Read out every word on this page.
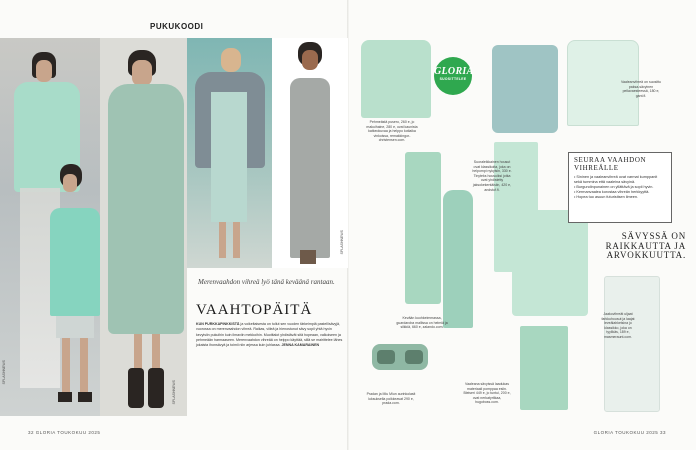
PUKUKOODI
SPLASHNEWS
SPLASHNEWS
SPLASHNEWS
Merenvaahdon vihreä lyö tänä keväänä rantaan.
VAAHTOPÄITÄ
KUN PURKKAPINKKISTÄ ja voikeltaisesta on tullut sen vuoden tärkeimpiä pastellisävyjä, vuorossa on merenvaahdon vihreä. Raikas, viileä ja hienostunut sävy sopii yhtä hyvin kevyisiin pukuihin kuin ilmaviin mekkoihin. Muotitalot yhdistävät sitä hopeaan, valkoiseen ja pehmeään harmaaseen. Merenvaahdon vihreää on helppo käyttää, sillä se mairittelee lähes jokaista ihonsävyä ja toimii niin arjessa kuin juhlassa. JENNA KAMARAINEN
32 GLORIA TOUKOKUU 2025	GLORIA TOUKOKUU 2025 33
GLORIA
SUOSITTELEE
Pehmeästä pusero, 260 e, jo makuihaine, 280 e, ovat kaunista katkeokuvaa ja helppo kotiaika vinkoissa, remakkingor-christensen.com.
Suoraleikkainen housut ovat klassikoita, joka on helpompi nykyisin, 330 e. Tinyteks housuiksi jotka ovat yhdistetty jaksokekentäisiin, 420 e, andstuf.fi.
Vaaleanvihreä on suosittu paksa-sävyinen pellavaesteessä, 180 e, gant.fi.
Kevään kuohkeimmassa, guardaroba mallissa on helmiä ja silkkiä, 660 e, zalando.com.
Pradan ja Miu Miun aurinkolasit luksuksella poikkeavat 290 e, prada.com.
Vaaleana sävyissä laadukas materiaali pomppaa esiin. Bleiseri 449 e, jo tuntui, 200 e, ovat nerkatyrtikaa, hugoboss.com.
Jaakovihreät uljaat farkkuhousut ja laajat leveälahkeisina jo klassikko, joka on tyylikäs, 189 e, masmeraunt.com.
SEURAA VAAHDON VIHREÄLLE
• Sininen ja vaaleanvihreä ovat varmat kumppanit sekä tummina että vaaleina sävyinä.
• Burgundinpunainen on yllättävä ja sopii hyvin.
• Kermanvaalea korostaa vihreän herkkyyttä.
• Hopea tuo asuun futuristisen ilmeen.
SÄVYSSÄ ON RAIKKAUTTA JA ARVOKKUUTTA.
